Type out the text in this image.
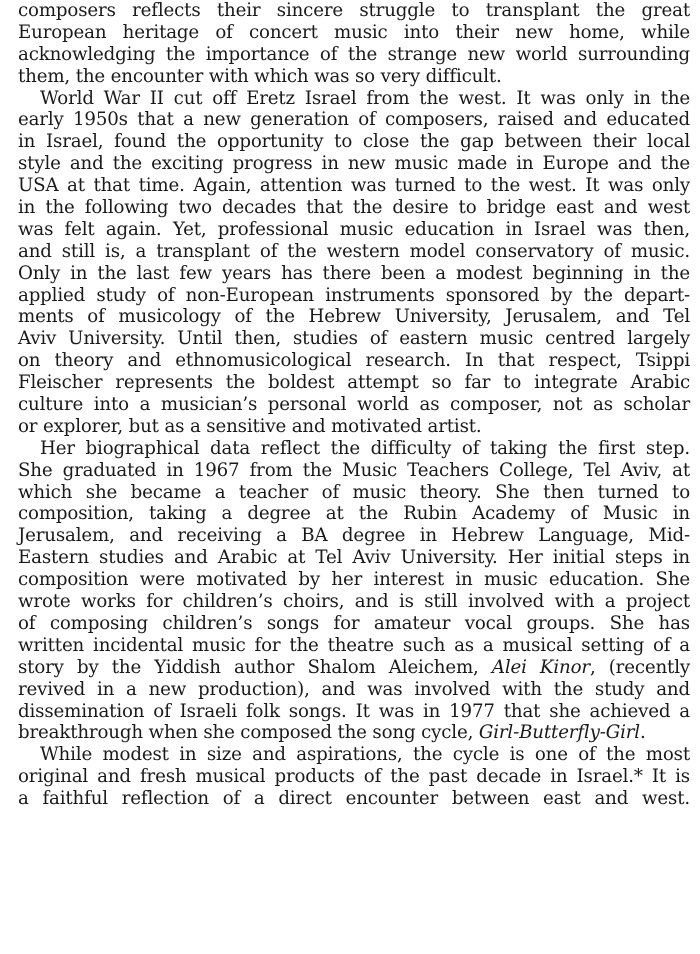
composers reflects their sincere struggle to transplant the great
European heritage of concert music into their new home, while
acknowledging the importance of the strange new world surrounding
them, the encounter with which was so very difficult.
World War II cut off Eretz Israel from the west. It was only in the
early 1950s that a new generation of composers, raised and educated
in Israel, found the opportunity to close the gap between their local
style and the exciting progress in new music made in Europe and the
USA at that time. Again, attention was turned to the west. It was only
in the following two decades that the desire to bridge east and west
was felt again. Yet, professional music education in Israel was then,
and still is, a transplant of the western model conservatory of music.
Only in the last few years has there been a modest beginning in the
applied study of non-European instruments sponsored by the depart-
ments of musicology of the Hebrew University, Jerusalem, and Tel
Aviv University. Until then, studies of eastern music centred largely
on theory and ethnomusicological research. In that respect, Tsippi
Fleischer represents the boldest attempt so far to integrate Arabic
culture into a musician’s personal world as composer, not as scholar
or explorer, but as a sensitive and motivated artist.
Her biographical data reflect the difficulty of taking the first step.
She graduated in 1967 from the Music Teachers College, Tel Aviv, at
which she became a teacher of music theory. She then turned to
composition, taking a degree at the Rubin Academy of Music in
Jerusalem, and receiving a BA degree in Hebrew Language, Mid-
Eastern studies and Arabic at Tel Aviv University. Her initial steps in
composition were motivated by her interest in music education. She
wrote works for children’s choirs, and is still involved with a project
of composing children’s songs for amateur vocal groups. She has
written incidental music for the theatre such as a musical setting of a
story by the Yiddish author Shalom Aleichem, Alei Kinor, (recently
revived in a new production), and was involved with the study and
dissemination of Israeli folk songs. It was in 1977 that she achieved a
breakthrough when she composed the song cycle, Girl-Butterfly-Girl.
While modest in size and aspirations, the cycle is one of the most
original and fresh musical products of the past decade in Israel.* It is
a faithful reflection of a direct encounter between east and west.
